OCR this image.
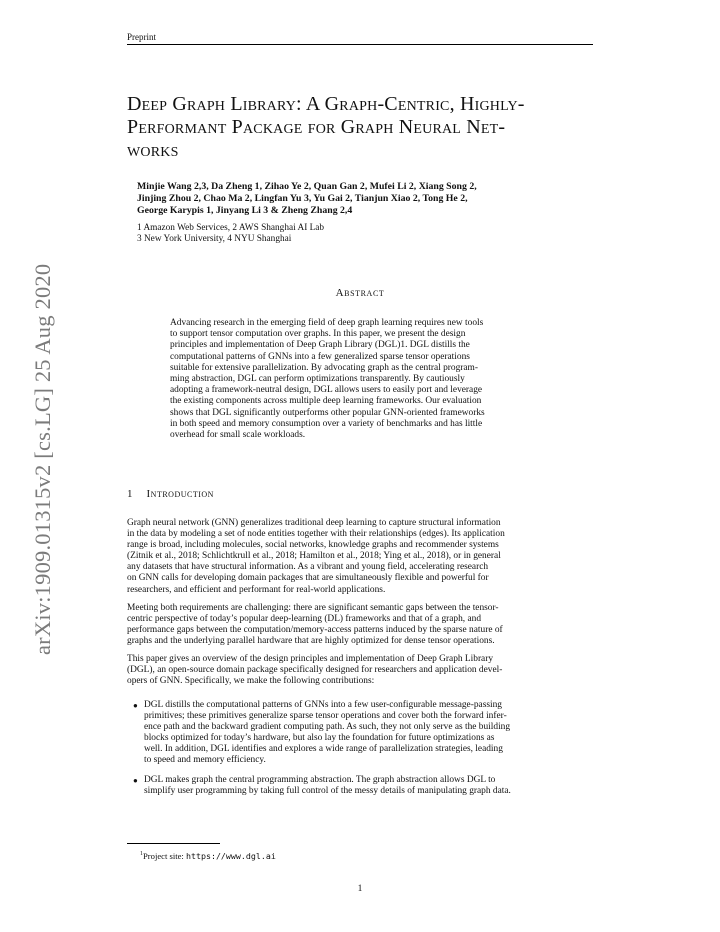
Preprint
arXiv:1909.01315v2 [cs.LG] 25 Aug 2020
Deep Graph Library: A Graph-Centric, Highly-
Performant Package for Graph Neural Net-
works
Minjie Wang 2,3, Da Zheng 1, Zihao Ye 2, Quan Gan 2, Mufei Li 2, Xiang Song 2,
Jinjing Zhou 2, Chao Ma 2, Lingfan Yu 3, Yu Gai 2, Tianjun Xiao 2, Tong He 2,
George Karypis 1, Jinyang Li 3 & Zheng Zhang 2,4
1 Amazon Web Services, 2 AWS Shanghai AI Lab
3 New York University, 4 NYU Shanghai
Abstract
Advancing research in the emerging field of deep graph learning requires new tools
to support tensor computation over graphs. In this paper, we present the design
principles and implementation of Deep Graph Library (DGL)1. DGL distills the
computational patterns of GNNs into a few generalized sparse tensor operations
suitable for extensive parallelization. By advocating graph as the central program-
ming abstraction, DGL can perform optimizations transparently. By cautiously
adopting a framework-neutral design, DGL allows users to easily port and leverage
the existing components across multiple deep learning frameworks. Our evaluation
shows that DGL significantly outperforms other popular GNN-oriented frameworks
in both speed and memory consumption over a variety of benchmarks and has little
overhead for small scale workloads.
1 Introduction
Graph neural network (GNN) generalizes traditional deep learning to capture structural information
in the data by modeling a set of node entities together with their relationships (edges). Its application
range is broad, including molecules, social networks, knowledge graphs and recommender systems
(Zitnik et al., 2018; Schlichtkrull et al., 2018; Hamilton et al., 2018; Ying et al., 2018), or in general
any datasets that have structural information. As a vibrant and young field, accelerating research
on GNN calls for developing domain packages that are simultaneously flexible and powerful for
researchers, and efficient and performant for real-world applications.
Meeting both requirements are challenging: there are significant semantic gaps between the tensor-
centric perspective of today’s popular deep-learning (DL) frameworks and that of a graph, and
performance gaps between the computation/memory-access patterns induced by the sparse nature of
graphs and the underlying parallel hardware that are highly optimized for dense tensor operations.
This paper gives an overview of the design principles and implementation of Deep Graph Library
(DGL), an open-source domain package specifically designed for researchers and application devel-
opers of GNN. Specifically, we make the following contributions:
● DGL distills the computational patterns of GNNs into a few user-configurable message-passing
primitives; these primitives generalize sparse tensor operations and cover both the forward infer-
ence path and the backward gradient computing path. As such, they not only serve as the building
blocks optimized for today’s hardware, but also lay the foundation for future optimizations as
well. In addition, DGL identifies and explores a wide range of parallelization strategies, leading
to speed and memory efficiency.
● DGL makes graph the central programming abstraction. The graph abstraction allows DGL to
simplify user programming by taking full control of the messy details of manipulating graph data.
$^1$Project site: https://www.dgl.ai
1
